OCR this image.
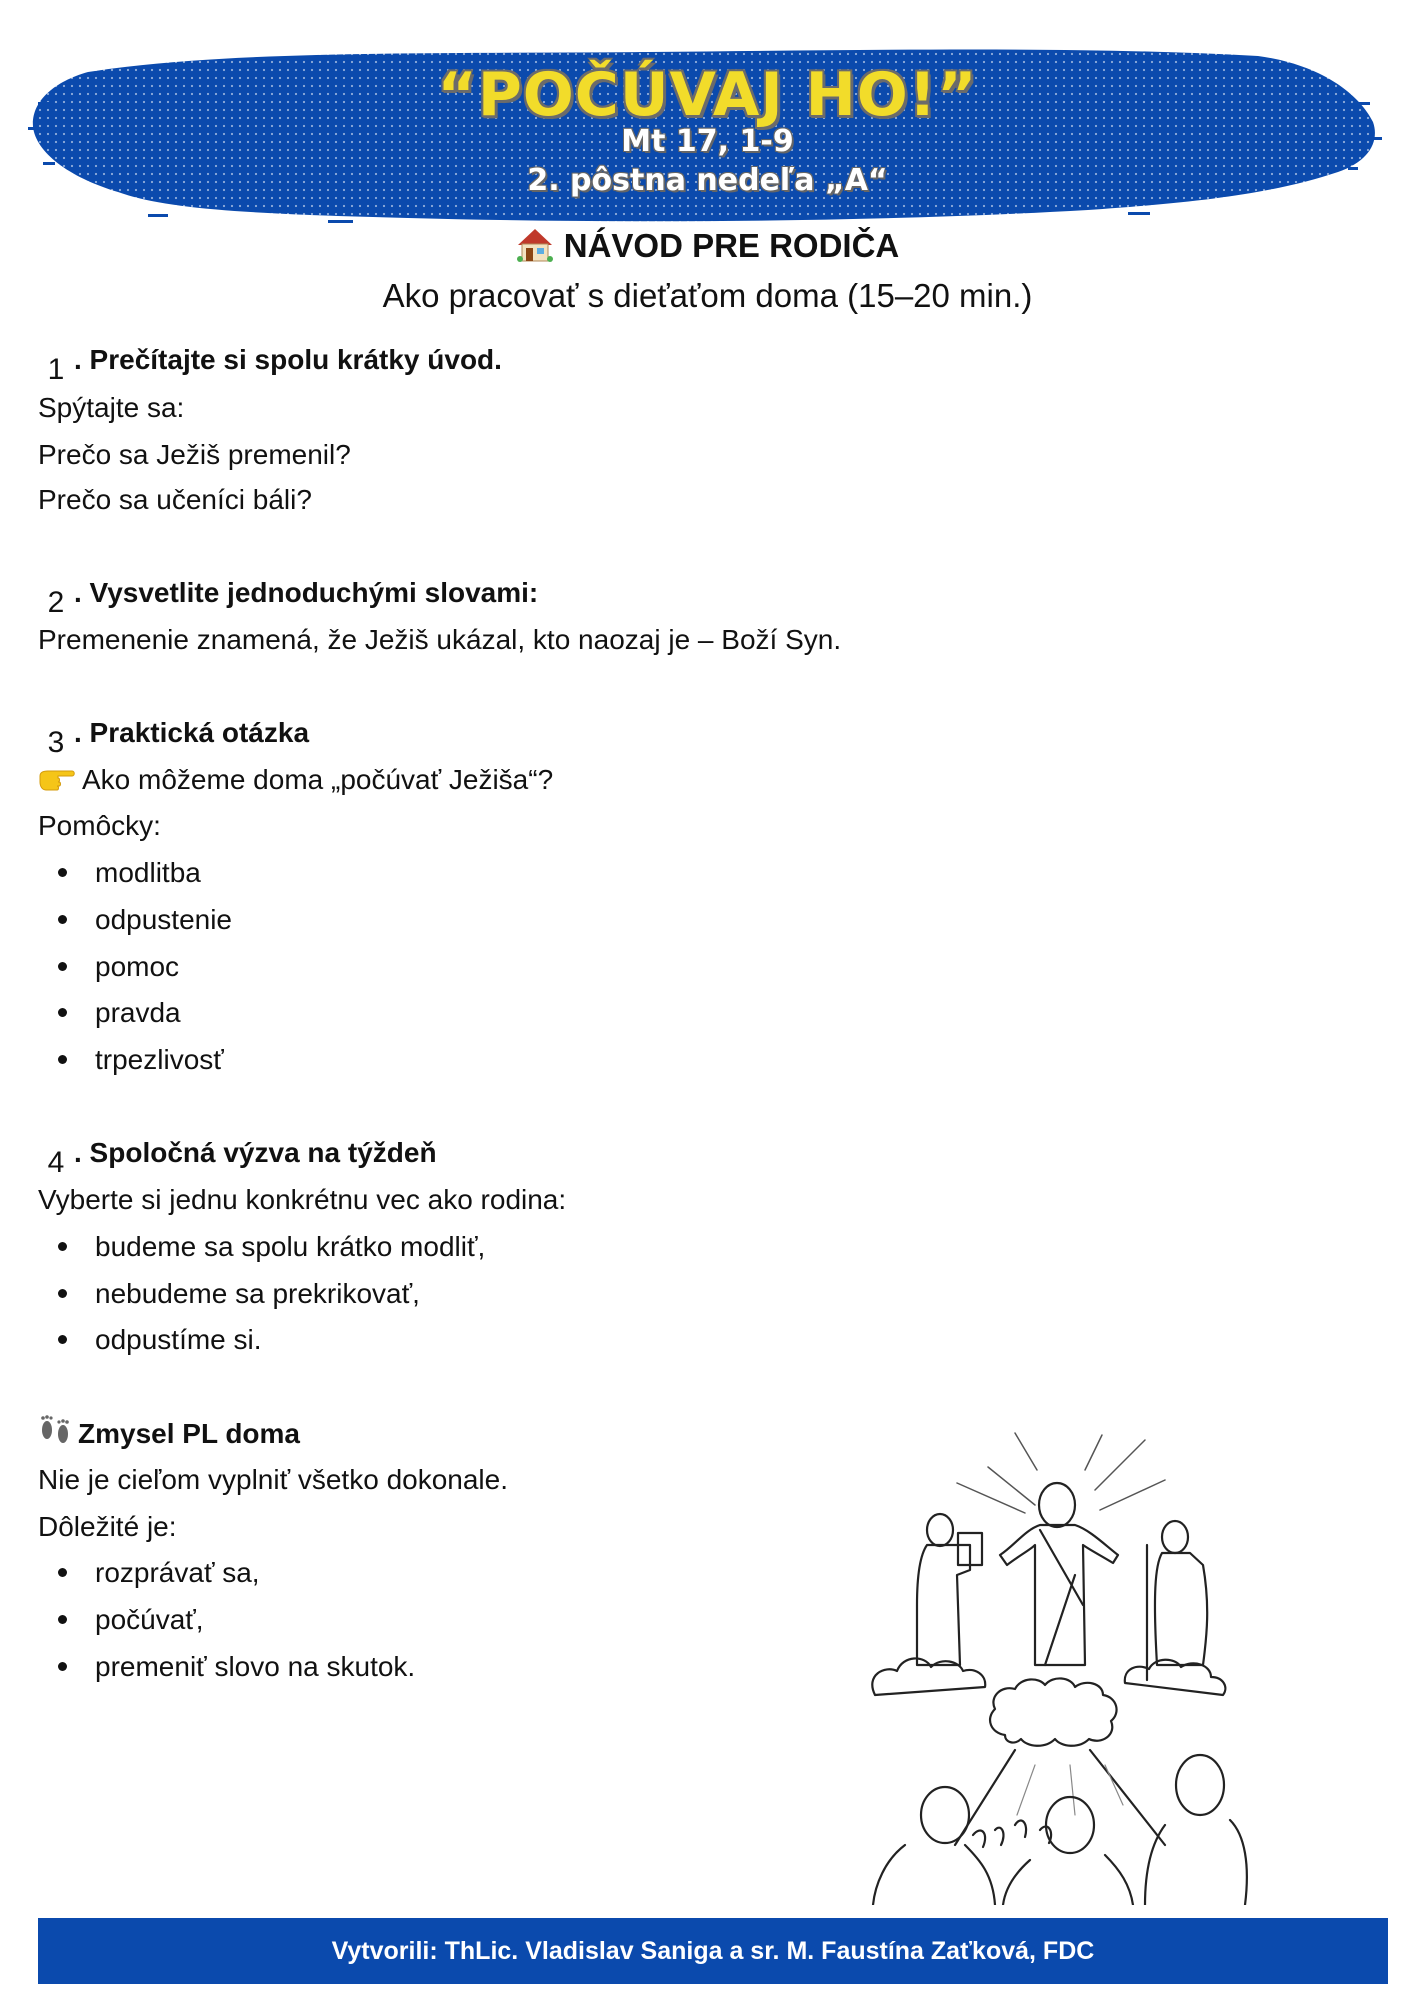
“POČÚVAJ HO!”
Mt 17, 1-9
2. pôstna nedeľa „A“
NÁVOD PRE RODIČA
Ako pracovať s dieťaťom doma (15–20 min.)
1 . Prečítajte si spolu krátky úvod.
Spýtajte sa:
Prečo sa Ježiš premenil?
Prečo sa učeníci báli?
2 . Vysvetlite jednoduchými slovami:
Premenenie znamená, že Ježiš ukázal, kto naozaj je – Boží Syn.
3 . Praktická otázka
Ako môžeme doma „počúvať Ježiša“?
Pomôcky:
modlitba
odpustenie
pomoc
pravda
trpezlivosť
4 . Spoločná výzva na týždeň
Vyberte si jednu konkrétnu vec ako rodina:
budeme sa spolu krátko modliť,
nebudeme sa prekrikovať,
odpustíme si.
Zmysel PL doma
Nie je cieľom vyplniť všetko dokonale.
Dôležité je:
rozprávať sa,
počúvať,
premeniť slovo na skutok.
Vytvorili: ThLic. Vladislav Saniga a sr. M. Faustína Zaťková, FDC
